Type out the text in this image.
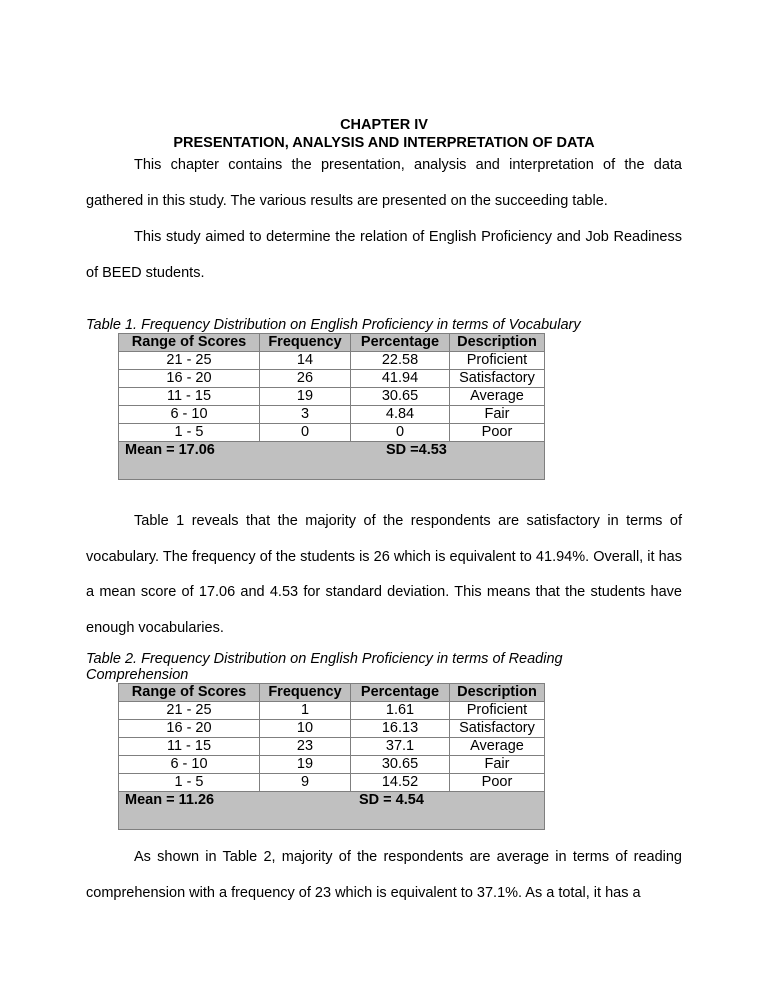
CHAPTER IV
PRESENTATION, ANALYSIS AND INTERPRETATION OF DATA
This chapter contains the presentation, analysis and interpretation of the data gathered in this study. The various results are presented on the succeeding table.
This study aimed to determine the relation of English Proficiency and Job Readiness of BEED students.
Table 1. Frequency Distribution on English Proficiency in terms of Vocabulary
Range of Scores	Frequency	Percentage	Description
21 - 25	14	22.58	Proficient
16 - 20	26	41.94	Satisfactory
11 - 15	19	30.65	Average
6 - 10	3	4.84	Fair
1 - 5	0	0	Poor
Mean = 17.06 SD =4.53			
Table 1 reveals that the majority of the respondents are satisfactory in terms of vocabulary. The frequency of the students is 26 which is equivalent to 41.94%. Overall, it has a mean score of 17.06 and 4.53 for standard deviation. This means that the students have enough vocabularies.
Table 2. Frequency Distribution on English Proficiency in terms of Reading
Comprehension
Range of Scores	Frequency	Percentage	Description
21 - 25	1	1.61	Proficient
16 - 20	10	16.13	Satisfactory
11 - 15	23	37.1	Average
6 - 10	19	30.65	Fair
1 - 5	9	14.52	Poor
Mean = 11.26 SD = 4.54			
As shown in Table 2, majority of the respondents are average in terms of reading comprehension with a frequency of 23 which is equivalent to 37.1%. As a total, it has a
